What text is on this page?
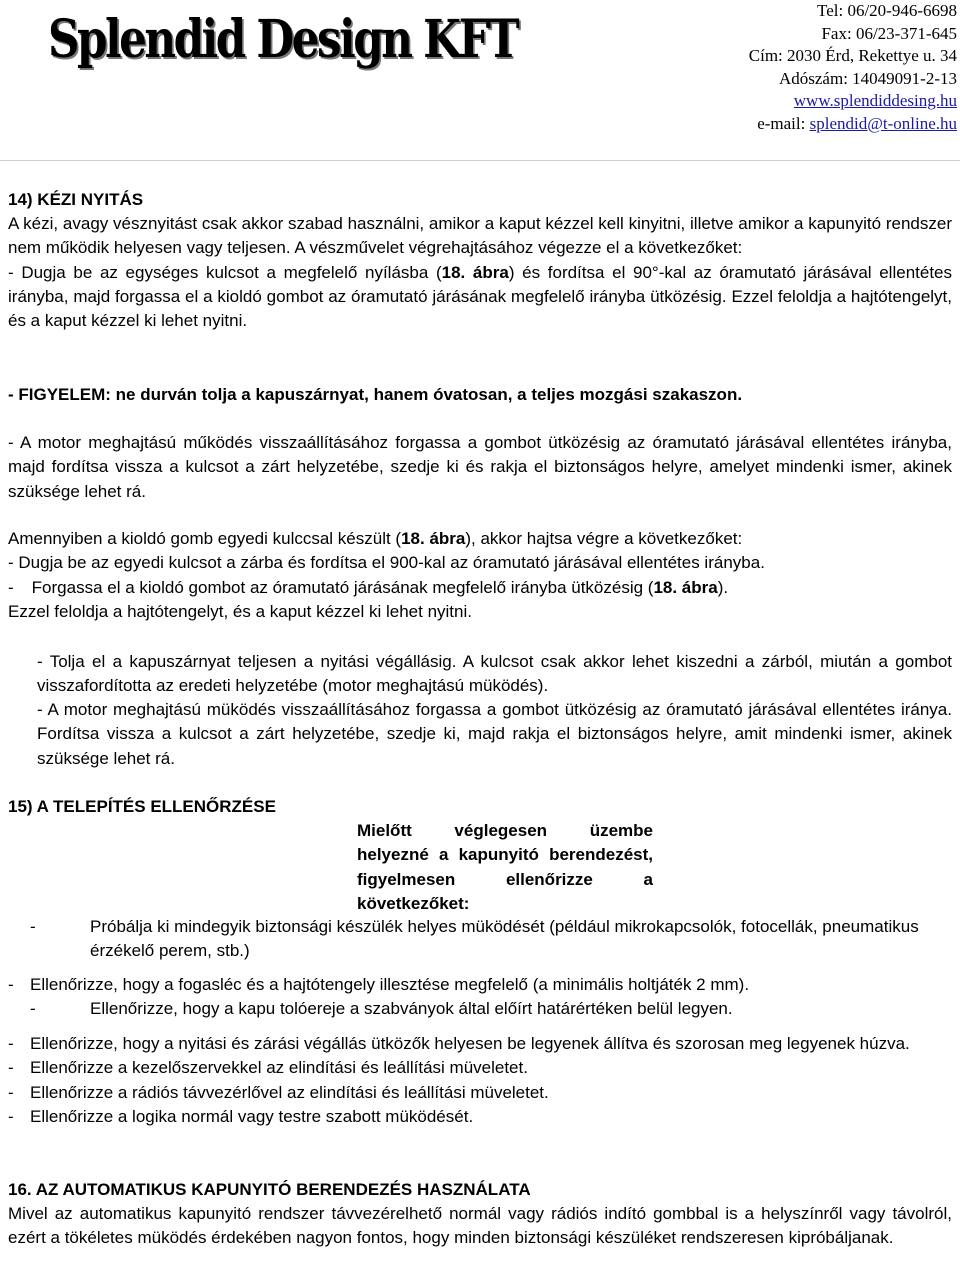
Splendid Design KFT	Tel: 06/20-946-6698
Fax: 06/23-371-645
Cím: 2030 Érd, Rekettye u. 34
Adószám: 14049091-2-13
www.splendiddesing.hu
e-mail: splendid@t-online.hu
14) KÉZI NYITÁS

A kézi, avagy vésznyitást csak akkor szabad használni, amikor a kaput kézzel kell kinyitni, illetve amikor a kapunyitó rendszer nem működik helyesen vagy teljesen. A vészművelet végrehajtásához végezze el a következőket:

- Dugja be az egységes kulcsot a megfelelő nyílásba (18. ábra) és fordítsa el 90°-kal az óramutató járásával ellentétes irányba, majd forgassa el a kioldó gombot az óramutató járásának megfelelő irányba ütközésig. Ezzel feloldja a hajtótengelyt, és a kaput kézzel ki lehet nyitni.

- FIGYELEM: ne durván tolja a kapuszárnyat, hanem óvatosan, a teljes mozgási szakaszon.
- A motor meghajtású működés visszaállításához forgassa a gombot ütközésig az óramutató járásával ellentétes irányba, majd fordítsa vissza a kulcsot a zárt helyzetébe, szedje ki és rakja el biztonságos helyre, amelyet mindenki ismer, akinek szüksége lehet rá.

Amennyiben a kioldó gomb egyedi kulccsal készült (18. ábra), akkor hajtsa végre a következőket:

- Dugja be az egyedi kulcsot a zárba és fordítsa el 900-kal az óramutató járásával ellentétes irányba.

- Forgassa el a kioldó gombot az óramutató járásának megfelelő irányba ütközésig (18. ábra).

Ezzel feloldja a hajtótengelyt, és a kaput kézzel ki lehet nyitni.

- Tolja el a kapuszárnyat teljesen a nyitási végállásig. A kulcsot csak akkor lehet kiszedni a zárból, miután a gombot visszafordította az eredeti helyzetébe (motor meghajtású müködés).
- A motor meghajtású müködés visszaállításához forgassa a gombot ütközésig az óramutató járásával ellentétes iránya. Fordítsa vissza a kulcsot a zárt helyzetébe, szedje ki, majd rakja el biztonságos helyre, amit mindenki ismer, akinek szüksége lehet rá.
15) A TELEPÍTÉS ELLENŐRZÉSE
Mielőtt véglegesen üzembe helyezné a kapunyitó berendezést, figyelmesen ellenőrizze a következőket:
-	Próbálja ki mindegyik biztonsági készülék helyes müködését (például mikrokapcsolók, fotocellák, pneumatikus érzékelő perem, stb.)
- Ellenőrizze, hogy a fogasléc és a hajtótengely illesztése megfelelő (a minimális holtjáték 2 mm).
-	Ellenőrizze, hogy a kapu tolóereje a szabványok által előírt határértéken belül legyen.
- Ellenőrizze, hogy a nyitási és zárási végállás ütközők helyesen be legyenek állítva és szorosan meg legyenek húzva.
- Ellenőrizze a kezelőszervekkel az elindítási és leállítási müveletet.
- Ellenőrizze a rádiós távvezérlővel az elindítási és leállítási müveletet.
- Ellenőrizze a logika normál vagy testre szabott müködését.
16. AZ AUTOMATIKUS KAPUNYITÓ BERENDEZÉS HASZNÁLATA
Mivel az automatikus kapunyitó rendszer távvezérelhető normál vagy rádiós indító gombbal is a helyszínről vagy távolról, ezért a tökéletes müködés érdekében nagyon fontos, hogy minden biztonsági készüléket rendszeresen kipróbáljanak.
